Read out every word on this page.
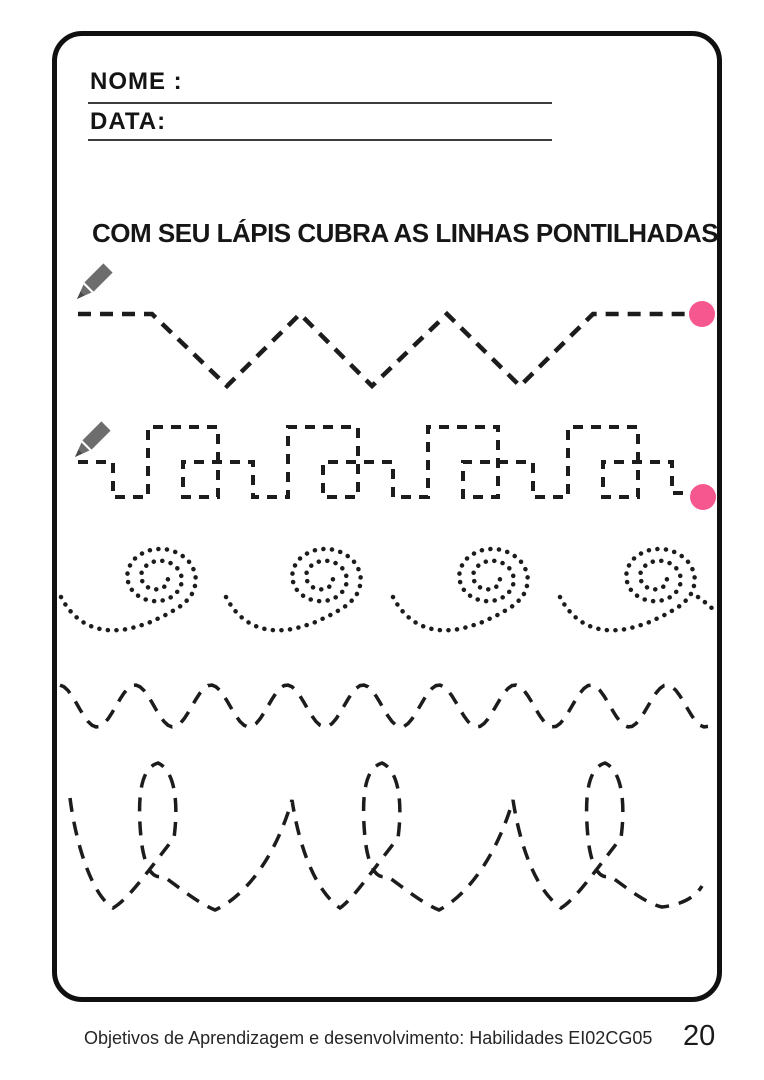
NOME :
DATA:
COM SEU LÁPIS CUBRA AS LINHAS PONTILHADAS
Objetivos de Aprendizagem e desenvolvimento: Habilidades EI02CG05 20
